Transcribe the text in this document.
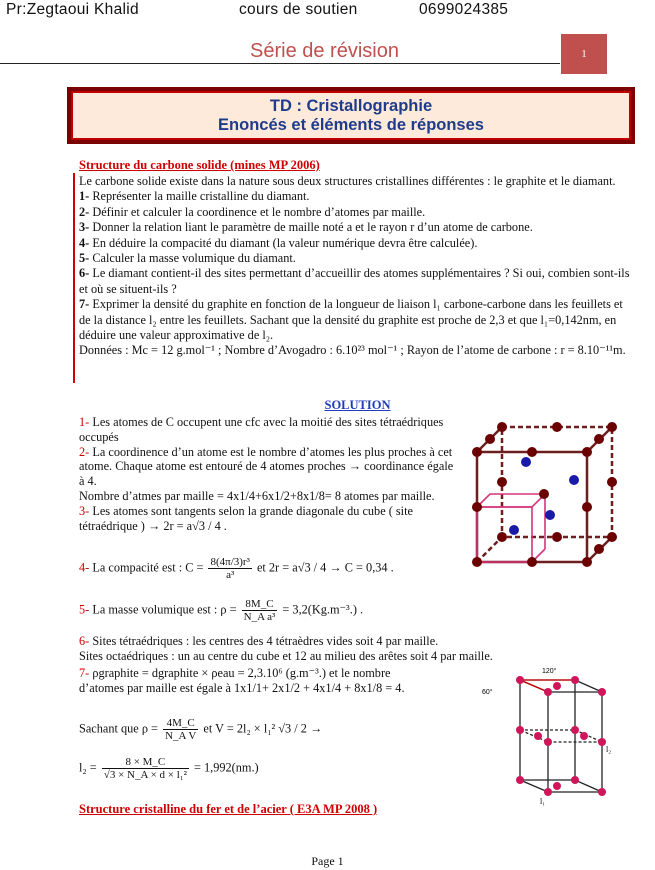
Pr:Zegtaoui Khalid	cours de soutien	0699024385
Série de révision	1
TD : Cristallographie
Enoncés et éléments de réponses
Structure du carbone solide (mines MP 2006)

Le carbone solide existe dans la nature sous deux structures cristallines différentes : le graphite et le diamant.

1- Représenter la maille cristalline du diamant.

2- Définir et calculer la coordinence et le nombre d’atomes par maille.

3- Donner la relation liant le paramètre de maille noté a et le rayon r d’un atome de carbone.

4- En déduire la compacité du diamant (la valeur numérique devra être calculée).

5- Calculer la masse volumique du diamant.

6- Le diamant contient-il des sites permettant d’accueillir des atomes supplémentaires ? Si oui, combien sont-ils et où se situent-ils ?

7- Exprimer la densité du graphite en fonction de la longueur de liaison l₁ carbone-carbone dans les feuillets et de la distance l₂ entre les feuillets. Sachant que la densité du graphite est proche de 2,3 et que l₁=0,142nm, en déduire une valeur approximative de l₂.

Données : Mc = 12 g.mol⁻¹ ; Nombre d’Avogadro : 6.10²³ mol⁻¹ ; Rayon de l’atome de carbone : r = 8.10⁻¹¹m.

SOLUTION

1- Les atomes de C occupent une cfc avec la moitié des sites tétraédriques occupés

2- La coordinence d’un atome est le nombre d’atomes les plus proches à cet atome. Chaque atome est entouré de 4 atomes proches → coordinance égale à 4.

Nombre d’atmes par maille = 4x1/4+6x1/2+8x1/8= 8 atomes par maille.

3- Les atomes sont tangents selon la grande diagonale du cube ( site tétraédrique ) → 2r = a√3 / 4 .

4- La compacité est : $C = \frac{\text{8(4π/3)r³}}{\text{a³}}$ et 2r = a√3 / 4 → C = 0,34 .
5- La masse volumique est : $\rho = \frac{8M\_C}{\text{N\_A a³}} = 3,2(Kg.m^{-3}.)$ .

6- Sites tétraédriques : les centres des 4 tétraèdres vides soit 4 par maille.

Sites octaédriques : un au centre du cube et 12 au milieu des arêtes soit 4 par maille.

7- ρgraphite = dgraphite × ρeau = 2,3.10⁶ (g.m⁻³.) et le nombre

d’atomes par maille est égale à 1x1/1+ 2x1/2 + 4x1/4 + 8x1/8 = 4.

Sachant que $\rho = \frac{4M\_C}{\text{N\_A V}}$ et V = 2l₂ × l₁² √3 / 2 →
$l_2 = \frac{8 \times M\_C}{\text{√3 × N\_A × d × l₁²}} = 1,992(nm.)$
Structure cristalline du fer et de l’acier ( E3A MP 2008 )
120°
60°
l₂
l₁
Page 1
